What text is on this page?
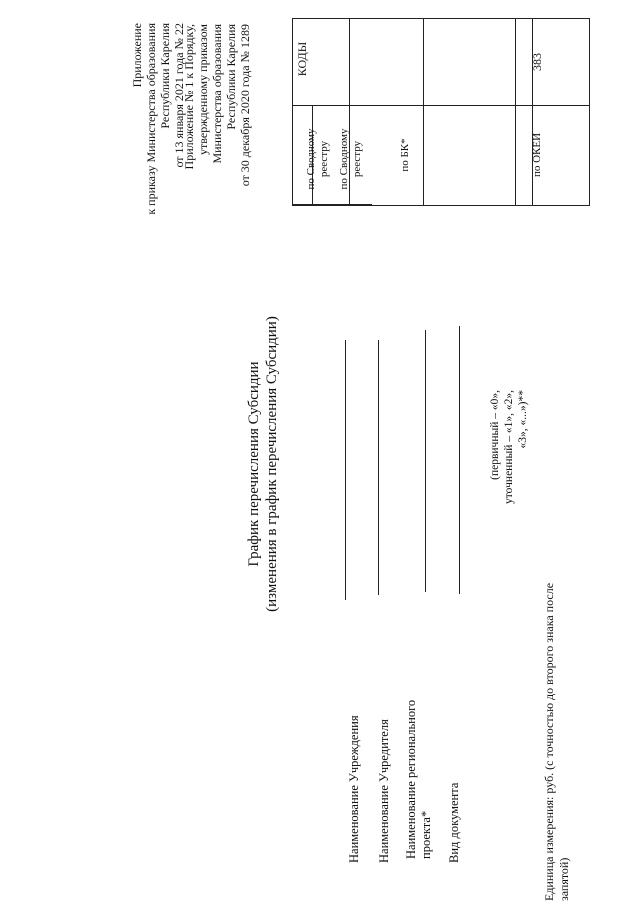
Приложение к приказу Министерства образования Республики Карелия от 13 января 2021 года № 22
Приложение № 1 к Порядку, утвержденному приказом Министерства образования Республики Карелия от 30 декабря 2020 года № 1289
График перечисления Субсидии (изменения в график перечисления Субсидии)
Наименование Учреждения Наименование Учредителя Наименование регионального проекта* Вид документа
(первичный – «0», уточненный – «1», «2», «3», «...»)**
Единица измерения: руб. (с точностью до второго знака после запятой)
КОДЫ
по Сводному реестру по Сводному реестру	по БК*	по ОКЕИ
383
